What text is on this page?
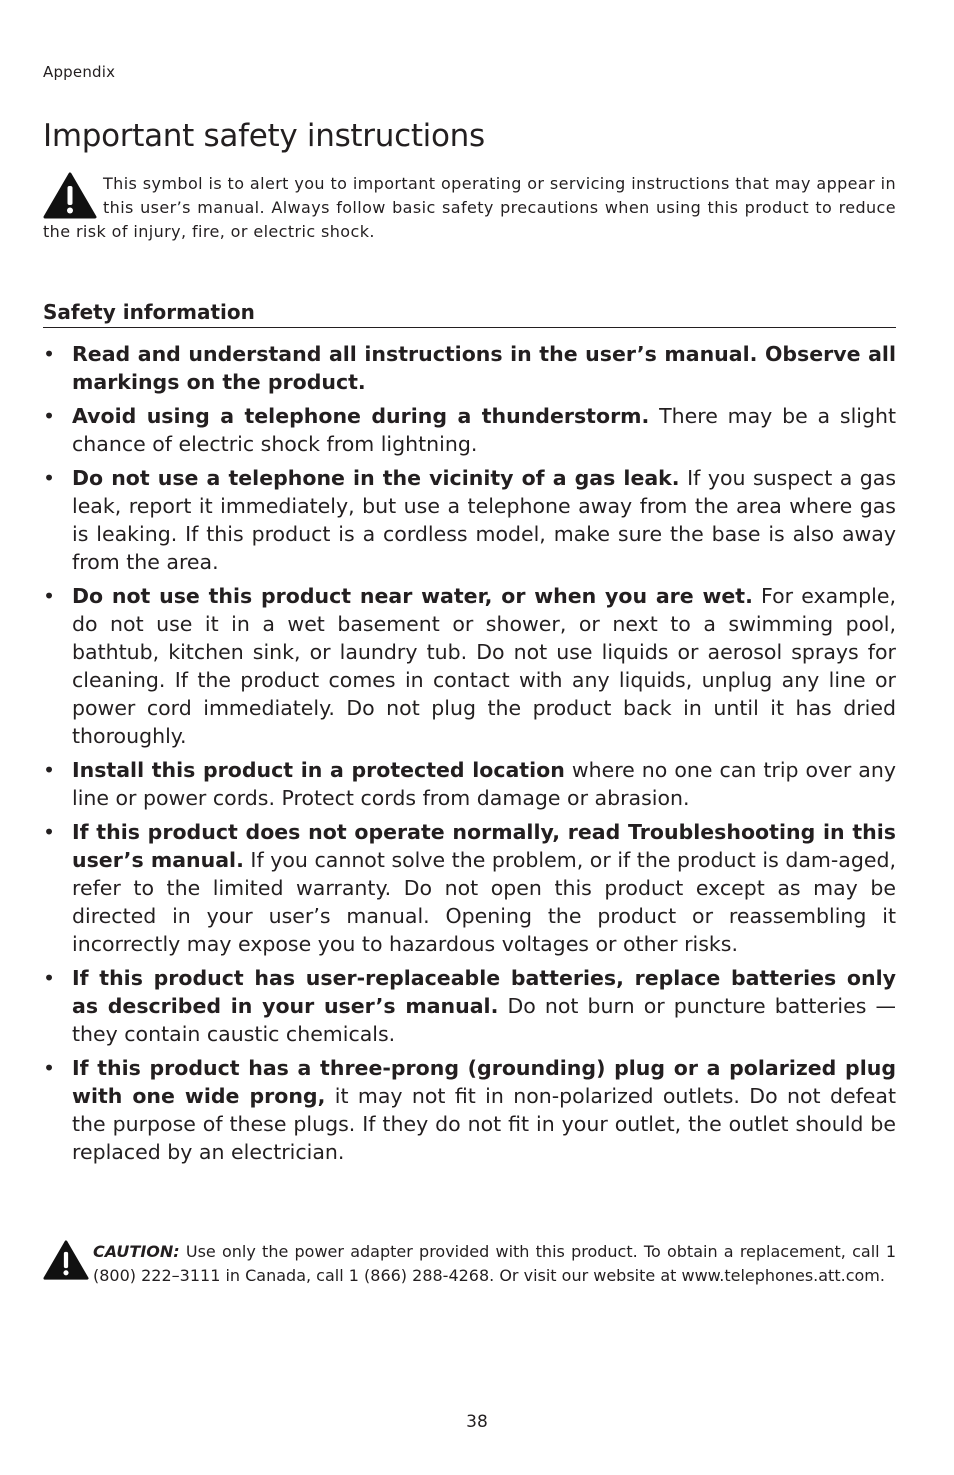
Appendix
Important safety instructions

This symbol is to alert you to important operating or servicing instructions that may appear in this user’s manual. Always follow basic safety precautions when using this product to reduce the risk of injury, fire, or electric shock.

Safety information
• Read and understand all instructions in the user’s manual. Observe all markings on the product.
• Avoid using a telephone during a thunderstorm. There may be a slight chance of electric shock from lightning.
• Do not use a telephone in the vicinity of a gas leak. If you suspect a gas leak, report it immediately, but use a telephone away from the area where gas is leaking. If this product is a cordless model, make sure the base is also away from the area.
• Do not use this product near water, or when you are wet. For example, do not use it in a wet basement or shower, or next to a swimming pool, bathtub, kitchen sink, or laundry tub. Do not use liquids or aerosol sprays for cleaning. If the product comes in contact with any liquids, unplug any line or power cord immediately. Do not plug the product back in until it has dried thoroughly.
• Install this product in a protected location where no one can trip over any line or power cords. Protect cords from damage or abrasion.
• If this product does not operate normally, read Troubleshooting in this user’s manual. If you cannot solve the problem, or if the product is dam-aged, refer to the limited warranty. Do not open this product except as may be directed in your user’s manual. Opening the product or reassembling it incorrectly may expose you to hazardous voltages or other risks.
• If this product has user-replaceable batteries, replace batteries only as described in your user’s manual. Do not burn or puncture batteries — they contain caustic chemicals.
• If this product has a three-prong (grounding) plug or a polarized plug with one wide prong, it may not fit in non-polarized outlets. Do not defeat the purpose of these plugs. If they do not fit in your outlet, the outlet should be replaced by an electrician.

CAUTION: Use only the power adapter provided with this product. To obtain a replacement, call 1 (800) 222–3111 in Canada, call 1 (866) 288-4268. Or visit our website at www.telephones.att.com.

38
